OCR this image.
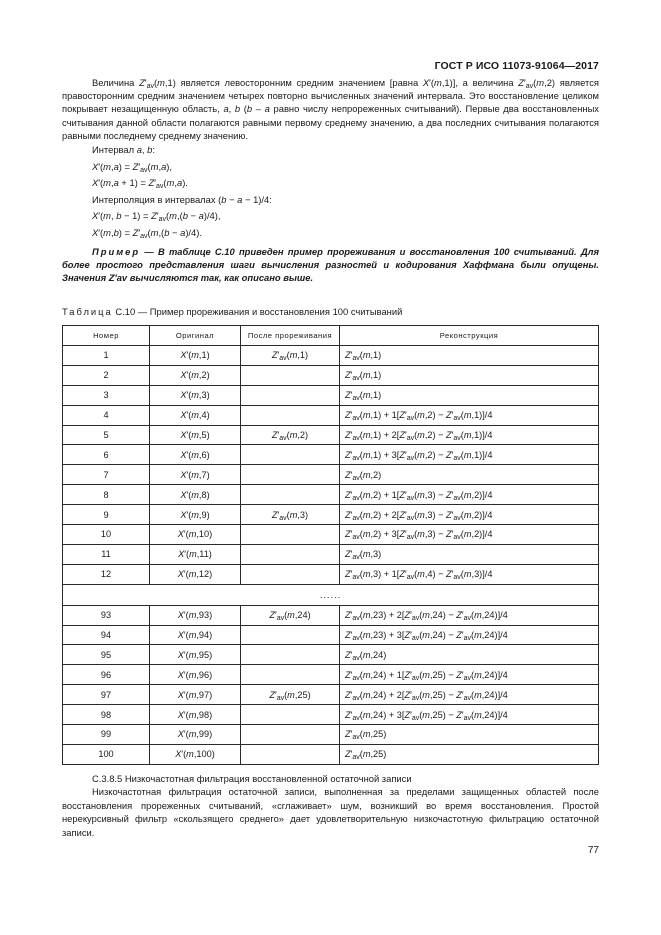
ГОСТ Р ИСО 11073-91064—2017

Величина $Z'_{av}(m,1)$ является левосторонним средним значением [равна X′(m,1)], а величина $Z'_{av}(m,2)$ является правосторонним средним значением четырех повторно вычисленных значений интервала. Это восстановление целиком покрывает незащищенную область, a, b (b – a равно числу непрореженных считываний). Первые два восстановленных считывания данной области полагаются равными первому среднему значению, а два последних считывания полагаются равными последнему среднему значению.

Интервал a, b:

$X'(m,a) = Z'_{av}(m,a)$,

$X'(m,a + 1) = Z'_{av}(m,a)$.

Интерполяция в интервалах (b − a − 1)/4:

X′(m, $b - 1) = Z'_{av}(m,(b - a)/4)$,

$X'(m,b) = Z'_{av}(m,(b - a)/4)$.

Пример — В таблице С.10 приведен пример прореживания и восстановления 100 считываний. Для более простого представления шаги вычисления разностей и кодирования Хаффмана были опущены. Значения Z′av вычисляются так, как описано выше.

Таблица С.10 — Пример прореживания и восстановления 100 считываний
Номер	Оригинал	После прореживания	Реконструкция
1	X′(m,1)	$Z'_{av}(m,1)$	$Z'_{av}(m,1)$
2	X′(m,2)		$Z'_{av}(m,1)$
3	X′(m,3)		$Z'_{av}(m,1)$
4	X′(m,4)		$Z'_{av}(m,1) + 1[Z'_{av}(m,2) - Z'_{av}(m,1)]/4$
5	X′(m,5)	$Z'_{av}(m,2)$	$Z'_{av}(m,1) + 2[Z'_{av}(m,2) - Z'_{av}(m,1)]/4$
6	X′(m,6)		$Z'_{av}(m,1) + 3[Z'_{av}(m,2) - Z'_{av}(m,1)]/4$
7	X′(m,7)		$Z'_{av}(m,2)$
8	X′(m,8)		$Z'_{av}(m,2) + 1[Z'_{av}(m,3) - Z'_{av}(m,2)]/4$
9	X′(m,9)	$Z'_{av}(m,3)$	$Z'_{av}(m,2) + 2[Z'_{av}(m,3) - Z'_{av}(m,2)]/4$
10	X′(m,10)		$Z'_{av}(m,2) + 3[Z'_{av}(m,3) - Z'_{av}(m,2)]/4$
11	X′(m,11)		$Z'_{av}(m,3)$
12	X′(m,12)		$Z'_{av}(m,3) + 1[Z'_{av}(m,4) - Z'_{av}(m,3)]/4$
......			
93	X′(m,93)	$Z'_{av}(m,24)$	$Z'_{av}(m,23) + 2[Z'_{av}(m,24) - Z'_{av}(m,24)]/4$
94	X′(m,94)		$Z'_{av}(m,23) + 3[Z'_{av}(m,24) - Z'_{av}(m,24)]/4$
95	X′(m,95)		$Z'_{av}(m,24)$
96	X′(m,96)		$Z'_{av}(m,24) + 1[Z'_{av}(m,25) - Z'_{av}(m,24)]/4$
97	X′(m,97)	$Z'_{av}(m,25)$	$Z'_{av}(m,24) + 2[Z'_{av}(m,25) - Z'_{av}(m,24)]/4$
98	X′(m,98)		$Z'_{av}(m,24) + 3[Z'_{av}(m,25) - Z'_{av}(m,24)]/4$
99	X′(m,99)		$Z'_{av}(m,25)$
100	X′(m,100)		$Z'_{av}(m,25)$

С.3.8.5 Низкочастотная фильтрация восстановленной остаточной записи

Низкочастотная фильтрация остаточной записи, выполненная за пределами защищенных областей после восстановления прореженных считываний, «сглаживает» шум, возникший во время восстановления. Простой нерекурсивный фильтр «скользящего среднего» дает удовлетворительную низкочастотную фильтрацию остаточной записи.

77
